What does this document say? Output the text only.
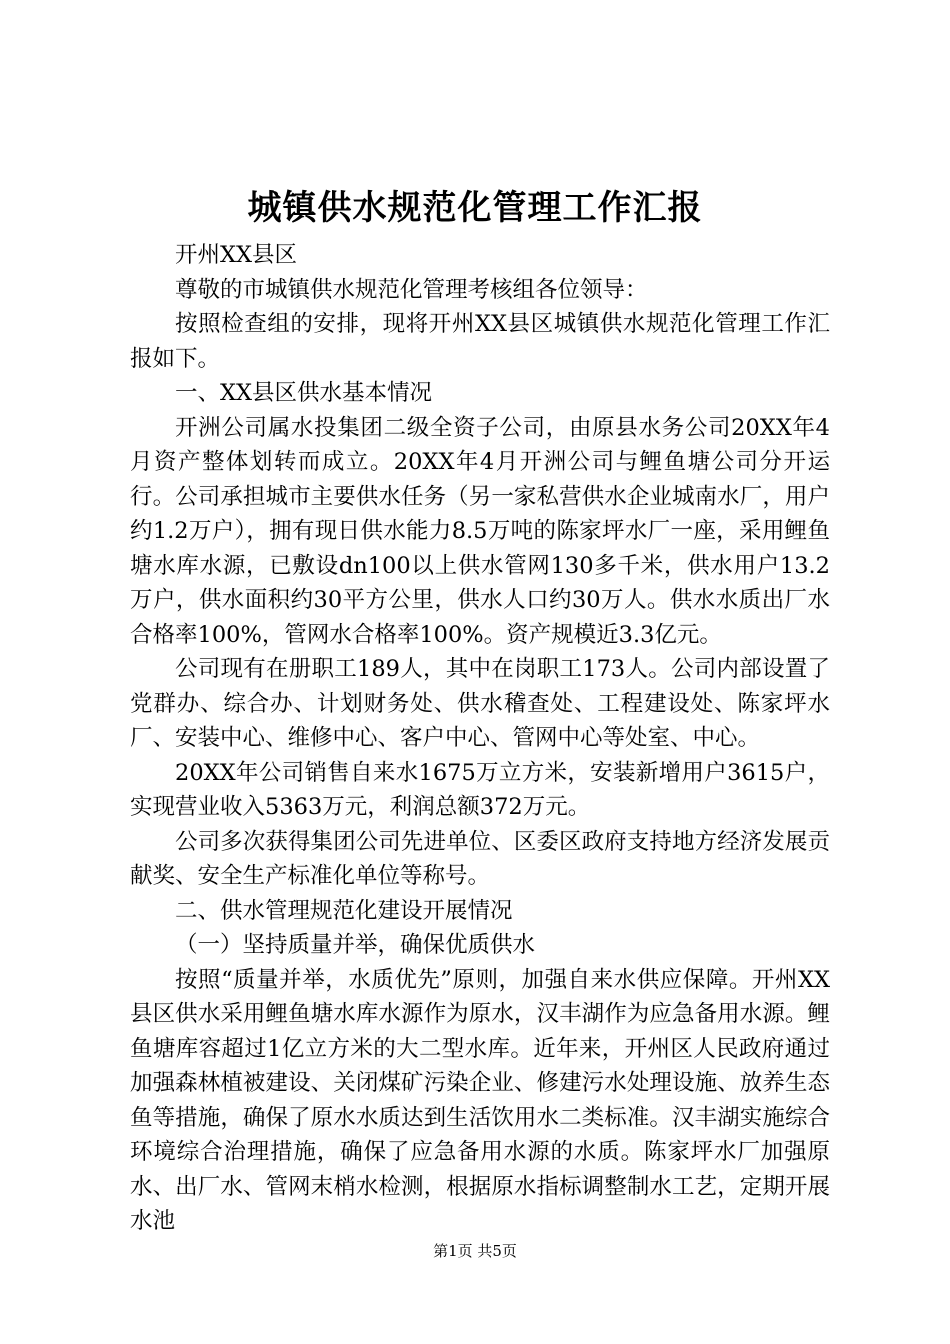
城镇供水规范化管理工作汇报

开州XX县区

尊敬的市城镇供水规范化管理考核组各位领导：

按照检查组的安排，现将开州XX县区城镇供水规范化管理工作汇报如下。

一、XX县区供水基本情况

开洲公司属水投集团二级全资子公司，由原县水务公司20XX年4月资产整体划转而成立。20XX年4月开洲公司与鲤鱼塘公司分开运行。公司承担城市主要供水任务（另一家私营供水企业城南水厂，用户约1.2万户），拥有现日供水能力8.5万吨的陈家坪水厂一座，采用鲤鱼塘水库水源，已敷设dn100以上供水管网130多千米，供水用户13.2万户，供水面积约30平方公里，供水人口约30万人。供水水质出厂水合格率100%，管网水合格率100%。资产规模近3.3亿元。

公司现有在册职工189人，其中在岗职工173人。公司内部设置了党群办、综合办、计划财务处、供水稽查处、工程建设处、陈家坪水厂、安装中心、维修中心、客户中心、管网中心等处室、中心。

20XX年公司销售自来水1675万立方米，安装新增用户3615户，实现营业收入5363万元，利润总额372万元。

公司多次获得集团公司先进单位、区委区政府支持地方经济发展贡献奖、安全生产标准化单位等称号。

二、供水管理规范化建设开展情况

（一）坚持质量并举，确保优质供水

按照“质量并举，水质优先”原则，加强自来水供应保障。开州XX县区供水采用鲤鱼塘水库水源作为原水，汉丰湖作为应急备用水源。鲤鱼塘库容超过1亿立方米的大二型水库。近年来，开州区人民政府通过加强森林植被建设、关闭煤矿污染企业、修建污水处理设施、放养生态鱼等措施，确保了原水水质达到生活饮用水二类标准。汉丰湖实施综合环境综合治理措施，确保了应急备用水源的水质。陈家坪水厂加强原水、出厂水、管网末梢水检测，根据原水指标调整制水工艺，定期开展水池

第1页 共5页
